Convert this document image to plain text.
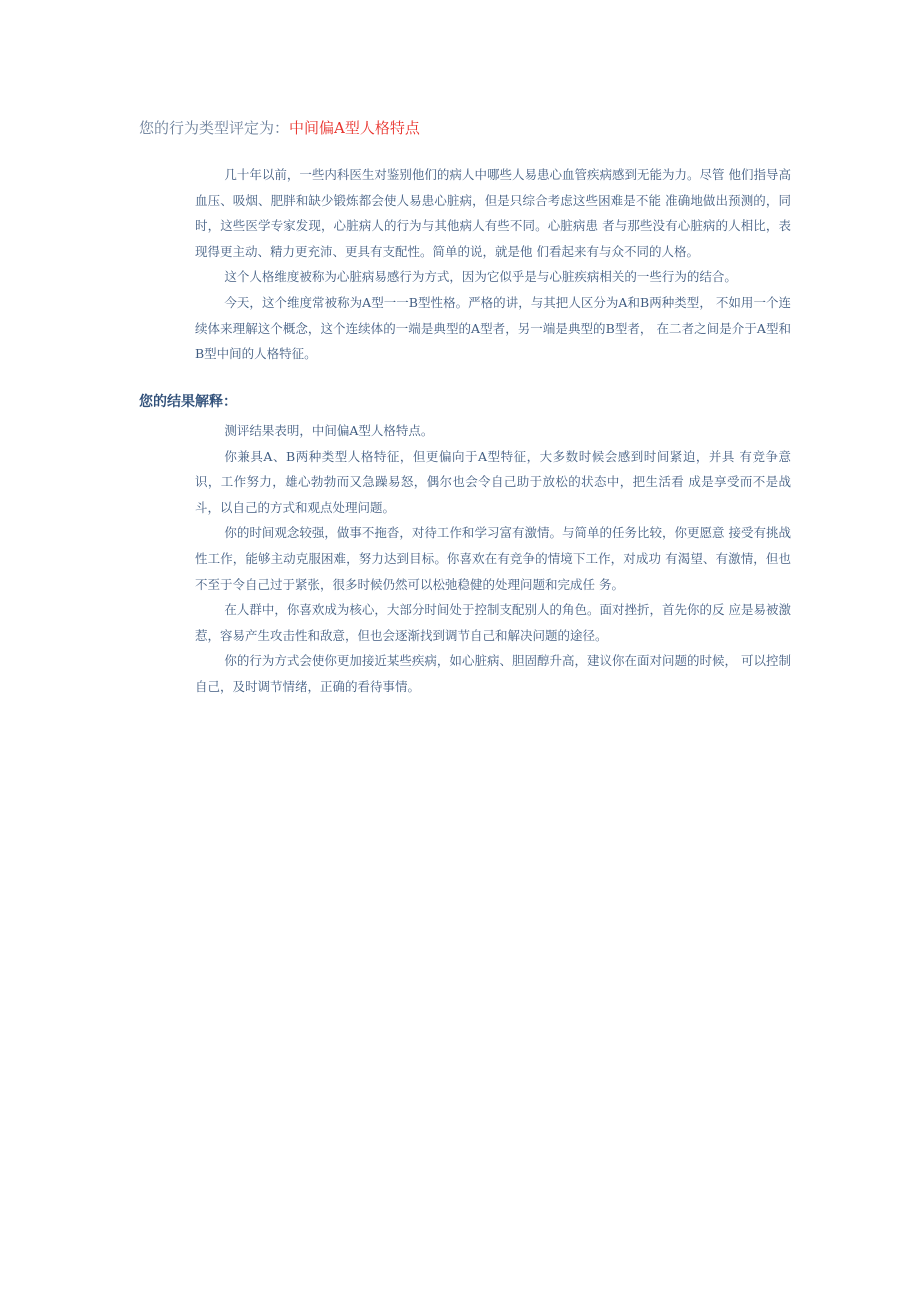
您的行为类型评定为：中间偏A型人格特点

几十年以前，一些内科医生对鉴别他们的病人中哪些人易患心血管疾病感到无能为力。尽管 他们指导高血压、吸烟、肥胖和缺少锻炼都会使人易患心脏病，但是只综合考虑这些困难是不能 准确地做出预测的，同时，这些医学专家发现，心脏病人的行为与其他病人有些不同。心脏病患 者与那些没有心脏病的人相比，表现得更主动、精力更充沛、更具有支配性。简单的说，就是他 们看起来有与众不同的人格。

这个人格维度被称为心脏病易感行为方式，因为它似乎是与心脏疾病相关的一些行为的结合。

今天，这个维度常被称为A型一一B型性格。严格的讲，与其把人区分为A和B两种类型， 不如用一个连续体来理解这个概念，这个连续体的一端是典型的A型者，另一端是典型的B型者， 在二者之间是介于A型和B型中间的人格特征。

您的结果解释：

测评结果表明，中间偏A型人格特点。

你兼具A、B两种类型人格特征，但更偏向于A型特征，大多数时候会感到时间紧迫，并具 有竞争意识，工作努力，雄心勃勃而又急躁易怒，偶尔也会令自己助于放松的状态中，把生活看 成是享受而不是战斗，以自己的方式和观点处理问题。

你的时间观念较强，做事不拖沓，对待工作和学习富有激情。与简单的任务比较，你更愿意 接受有挑战性工作，能够主动克服困难，努力达到目标。你喜欢在有竞争的情境下工作，对成功 有渴望、有激情，但也不至于令自己过于紧张，很多时候仍然可以松弛稳健的处理问题和完成任 务。

在人群中，你喜欢成为核心，大部分时间处于控制支配别人的角色。面对挫折，首先你的反 应是易被激惹，容易产生攻击性和敌意，但也会逐渐找到调节自己和解决问题的途径。

你的行为方式会使你更加接近某些疾病，如心脏病、胆固醇升高，建议你在面对问题的时候， 可以控制自己，及时调节情绪，正确的看待事情。
